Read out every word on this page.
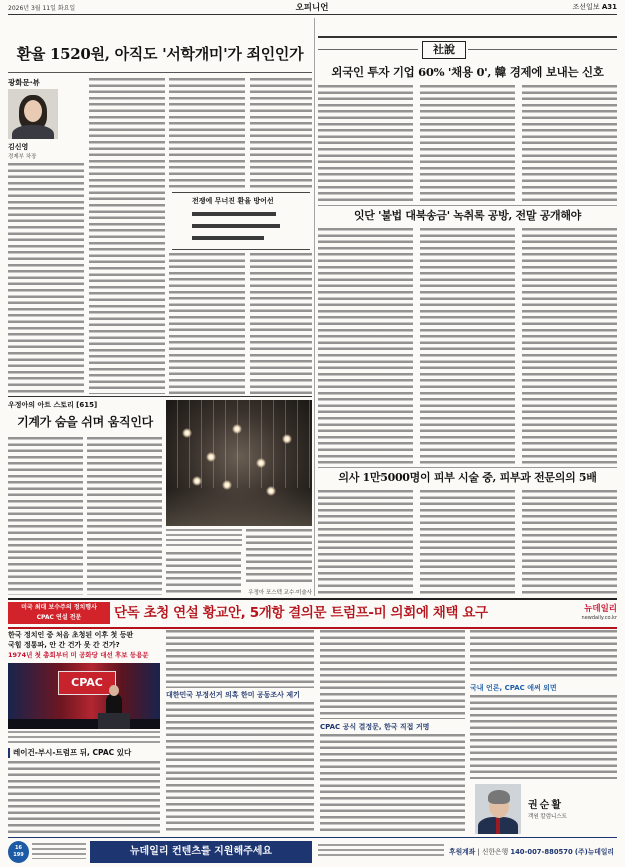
2026년 3월 11일 화요일	오피니언	조선일보 A31
환율 1520원, 아직도 '서학개미'가 죄인인가
광화문·뷰
김신영
경제부 차장
전쟁에 무너진 환율 방어선
우정아의 아트 스토리 [615]
기계가 숨을 쉬며 움직인다
우정아 포스텍 교수·미술사
社說
외국인 투자 기업 60% '채용 0', 韓 경제에 보내는 신호
잇단 '불법 대북송금' 녹취록 공방, 전말 공개해야
의사 1만5000명이 피부 시술 중, 피부과 전문의의 5배
미국 최대 보수주의 정치행사
CPAC 연설 전문	단독 초청 연설 황교안, 5개항 결의문 트럼프-미 의회에 채택 요구	뉴데일리
newdaily.co.kr
한국 정치인 중 처음 초청된 이후 첫 등판
국힘 정통파, 안 간 건가 못 간 건가?
1974년 첫 총회부터 미 공화당 대선 후보 등용문
CPAC
레이건-부시-트럼프 뒤, CPAC 있다
대한민국 부정선거 의혹 한미 공동조사 제기
CPAC 공식 결정문, 한국 직접 거명
국내 언론, CPAC 애써 외면
권순활
객원 칼럼니스트
16
199	뉴데일리 컨텐츠를 지원해주세요	후원계좌 | 신한은행 140-007-880570 (주)뉴데일리
